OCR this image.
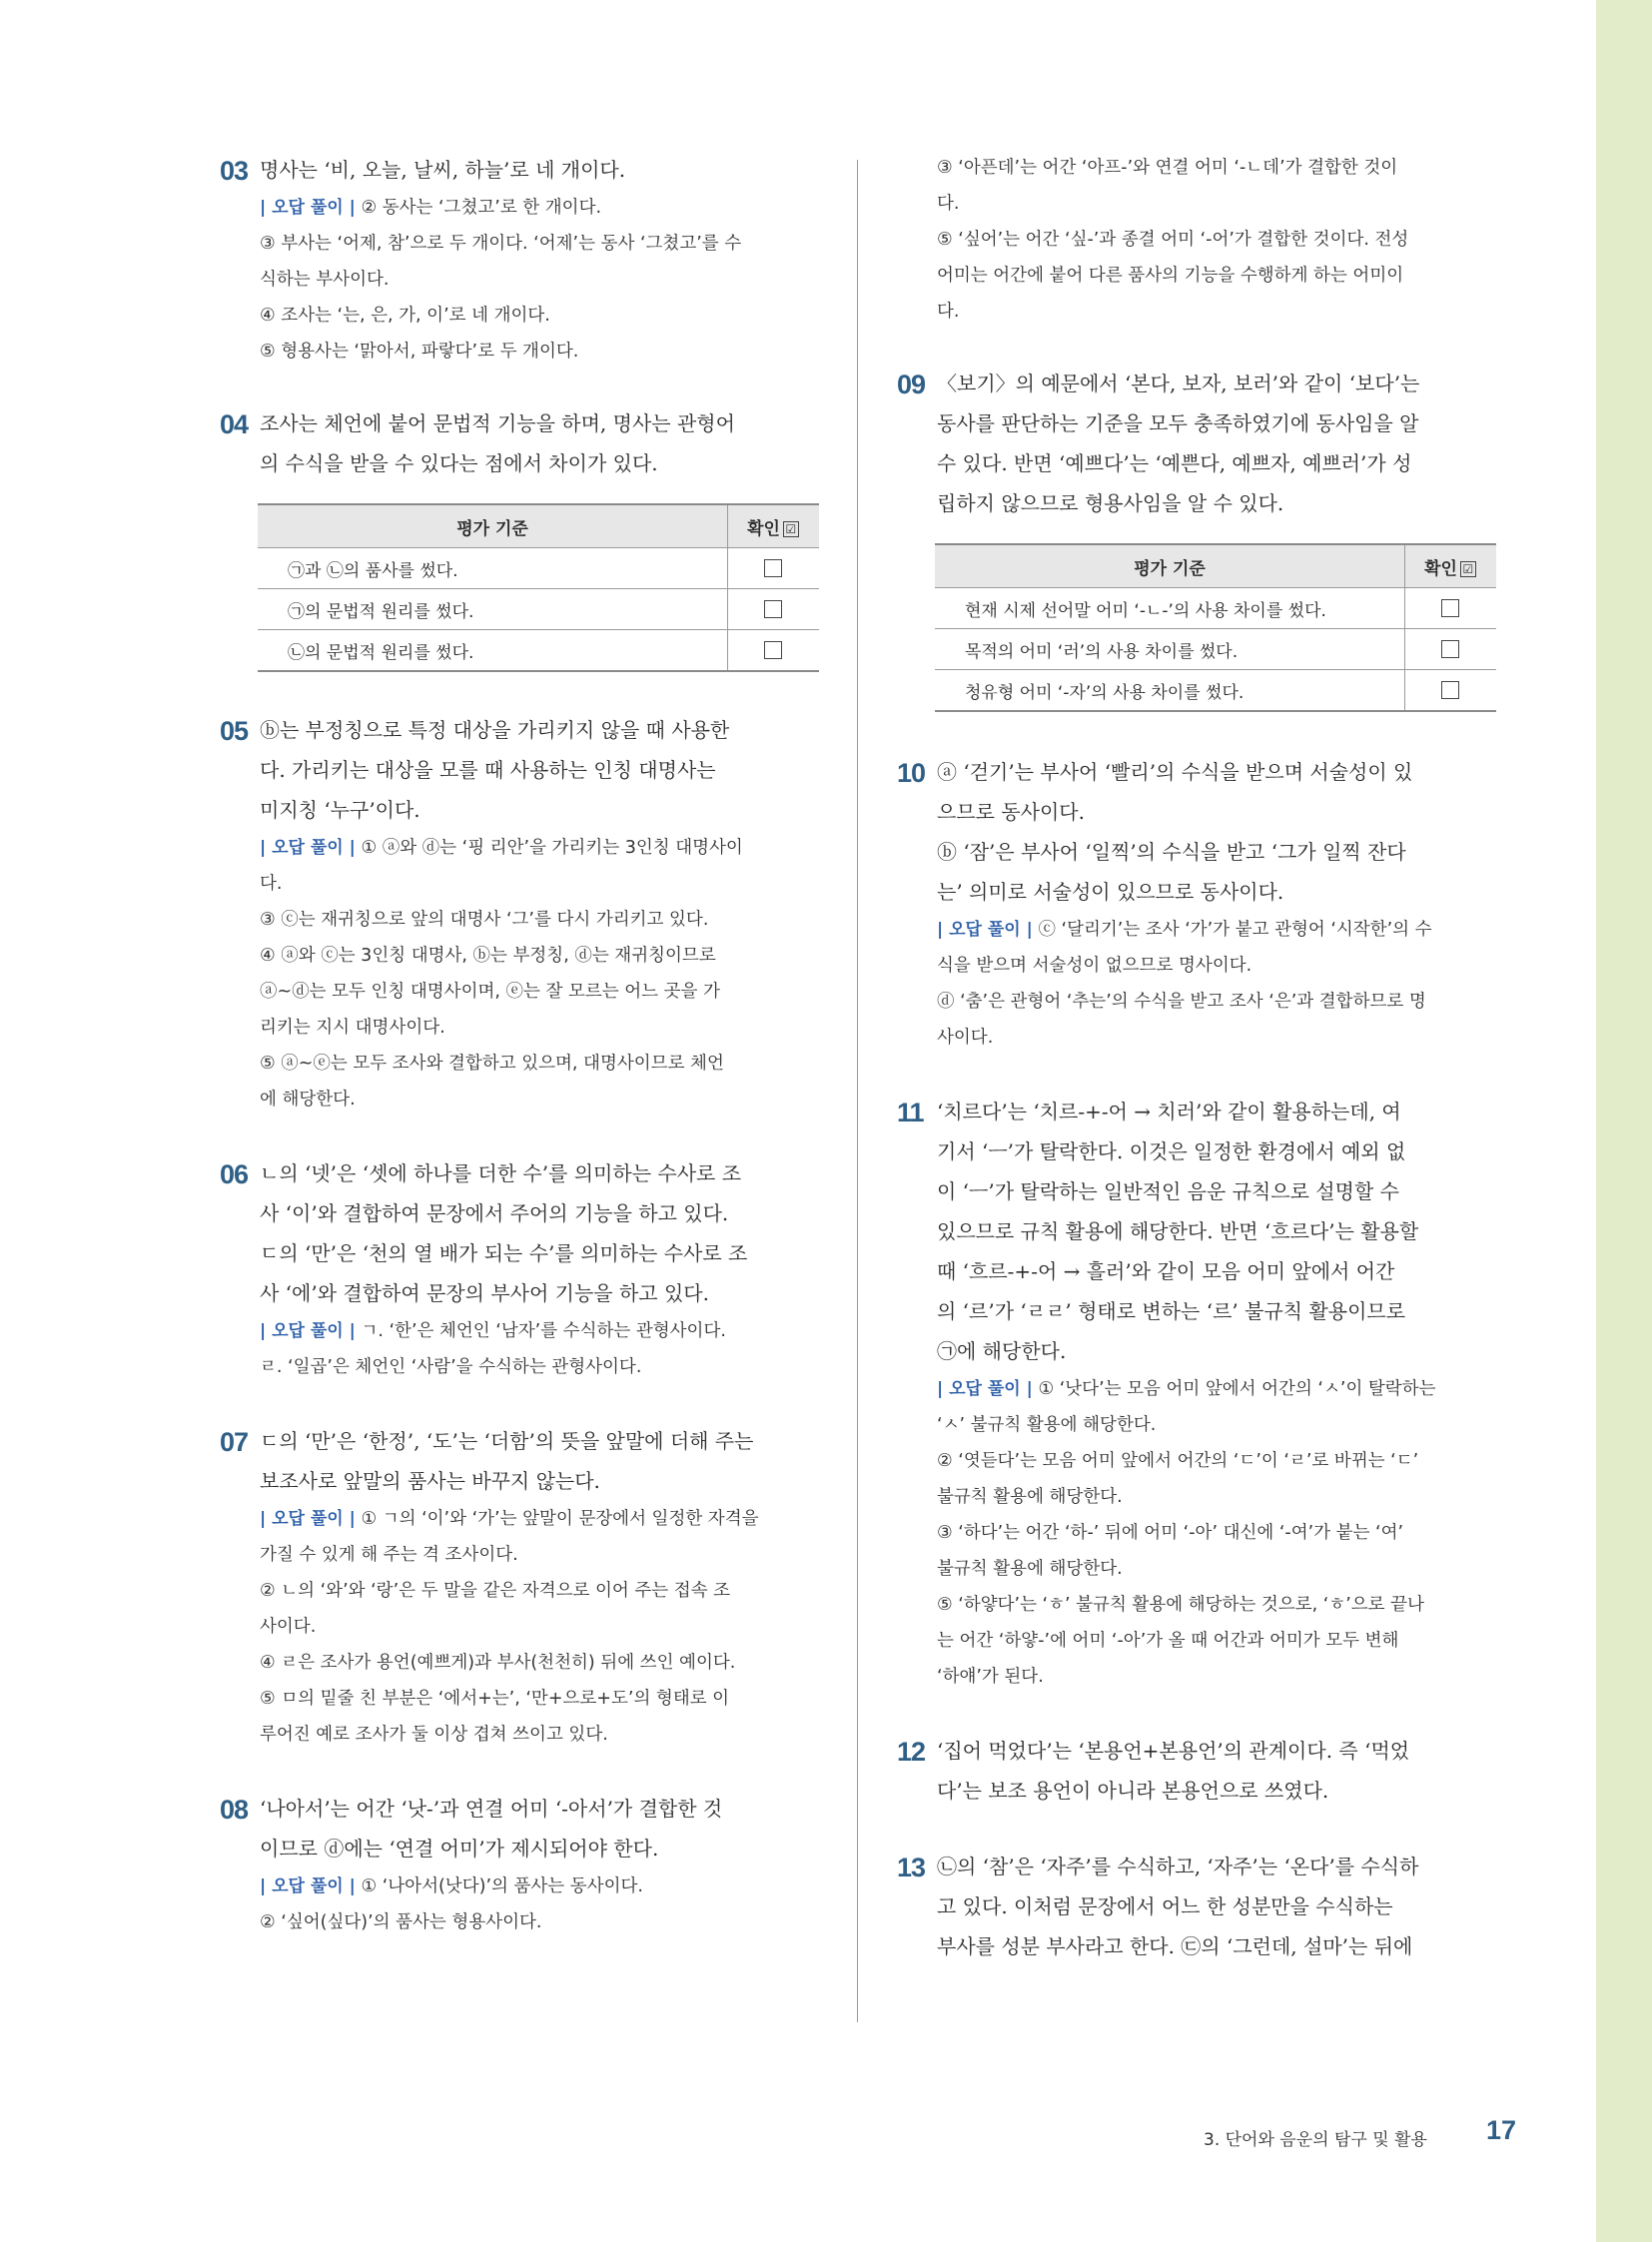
03 명사는 ‘비, 오늘, 날씨, 하늘’로 네 개이다.
| 오답 풀이 | ② 동사는 ‘그쳤고’로 한 개이다.
③ 부사는 ‘어제, 참’으로 두 개이다. ‘어제’는 동사 ‘그쳤고’를 수
식하는 부사이다.
④ 조사는 ‘는, 은, 가, 이’로 네 개이다.
⑤ 형용사는 ‘맑아서, 파랗다’로 두 개이다.
04 조사는 체언에 붙어 문법적 기능을 하며, 명사는 관형어
의 수식을 받을 수 있다는 점에서 차이가 있다.
평가 기준	확인 ☑
㉠과 ㉡의 품사를 썼다.	
㉠의 문법적 원리를 썼다.	
㉡의 문법적 원리를 썼다.	
05 ⓑ는 부정칭으로 특정 대상을 가리키지 않을 때 사용한
다. 가리키는 대상을 모를 때 사용하는 인칭 대명사는
미지칭 ‘누구’이다.
| 오답 풀이 | ① ⓐ와 ⓓ는 ‘핑 리안’을 가리키는 3인칭 대명사이
다.
③ ⓒ는 재귀칭으로 앞의 대명사 ‘그’를 다시 가리키고 있다.
④ ⓐ와 ⓒ는 3인칭 대명사, ⓑ는 부정칭, ⓓ는 재귀칭이므로
ⓐ~ⓓ는 모두 인칭 대명사이며, ⓔ는 잘 모르는 어느 곳을 가
리키는 지시 대명사이다.
⑤ ⓐ~ⓔ는 모두 조사와 결합하고 있으며, 대명사이므로 체언
에 해당한다.
06 ㄴ의 ‘넷’은 ‘셋에 하나를 더한 수’를 의미하는 수사로 조
사 ‘이’와 결합하여 문장에서 주어의 기능을 하고 있다.
ㄷ의 ‘만’은 ‘천의 열 배가 되는 수’를 의미하는 수사로 조
사 ‘에’와 결합하여 문장의 부사어 기능을 하고 있다.
| 오답 풀이 | ㄱ. ‘한’은 체언인 ‘남자’를 수식하는 관형사이다.
ㄹ. ‘일곱’은 체언인 ‘사람’을 수식하는 관형사이다.
07 ㄷ의 ‘만’은 ‘한정’, ‘도’는 ‘더함’의 뜻을 앞말에 더해 주는
보조사로 앞말의 품사는 바꾸지 않는다.
| 오답 풀이 | ① ㄱ의 ‘이’와 ‘가’는 앞말이 문장에서 일정한 자격을
가질 수 있게 해 주는 격 조사이다.
② ㄴ의 ‘와’와 ‘랑’은 두 말을 같은 자격으로 이어 주는 접속 조
사이다.
④ ㄹ은 조사가 용언(예쁘게)과 부사(천천히) 뒤에 쓰인 예이다.
⑤ ㅁ의 밑줄 친 부분은 ‘에서+는’, ‘만+으로+도’의 형태로 이
루어진 예로 조사가 둘 이상 겹쳐 쓰이고 있다.
08 ‘나아서’는 어간 ‘낫-’과 연결 어미 ‘-아서’가 결합한 것
이므로 ⓓ에는 ‘연결 어미’가 제시되어야 한다.
| 오답 풀이 | ① ‘나아서(낫다)’의 품사는 동사이다.
② ‘싶어(싶다)’의 품사는 형용사이다.
③ ‘아픈데’는 어간 ‘아프-’와 연결 어미 ‘-ㄴ데’가 결합한 것이
다.
⑤ ‘싶어’는 어간 ‘싶-’과 종결 어미 ‘-어’가 결합한 것이다. 전성
어미는 어간에 붙어 다른 품사의 기능을 수행하게 하는 어미이
다.
09 〈보기〉의 예문에서 ‘본다, 보자, 보러’와 같이 ‘보다’는
동사를 판단하는 기준을 모두 충족하였기에 동사임을 알
수 있다. 반면 ‘예쁘다’는 ‘예쁜다, 예쁘자, 예쁘러’가 성
립하지 않으므로 형용사임을 알 수 있다.
평가 기준	확인 ☑
현재 시제 선어말 어미 ‘-ㄴ-’의 사용 차이를 썼다.	
목적의 어미 ‘러’의 사용 차이를 썼다.	
청유형 어미 ‘-자’의 사용 차이를 썼다.	
10 ⓐ ‘걷기’는 부사어 ‘빨리’의 수식을 받으며 서술성이 있
으므로 동사이다.
ⓑ ‘잠’은 부사어 ‘일찍’의 수식을 받고 ‘그가 일찍 잔다
는’ 의미로 서술성이 있으므로 동사이다.
| 오답 풀이 | ⓒ ‘달리기’는 조사 ‘가’가 붙고 관형어 ‘시작한’의 수
식을 받으며 서술성이 없으므로 명사이다.
ⓓ ‘춤’은 관형어 ‘추는’의 수식을 받고 조사 ‘은’과 결합하므로 명
사이다.
11 ‘치르다’는 ‘치르-+-어 → 치러’와 같이 활용하는데, 여
기서 ‘ㅡ’가 탈락한다. 이것은 일정한 환경에서 예외 없
이 ‘ㅡ’가 탈락하는 일반적인 음운 규칙으로 설명할 수
있으므로 규칙 활용에 해당한다. 반면 ‘흐르다’는 활용할
때 ‘흐르-+-어 → 흘러’와 같이 모음 어미 앞에서 어간
의 ‘르’가 ‘ㄹㄹ’ 형태로 변하는 ‘르’ 불규칙 활용이므로
㉠에 해당한다.
| 오답 풀이 | ① ‘낫다’는 모음 어미 앞에서 어간의 ‘ㅅ’이 탈락하는
‘ㅅ’ 불규칙 활용에 해당한다.
② ‘엿듣다’는 모음 어미 앞에서 어간의 ‘ㄷ’이 ‘ㄹ’로 바뀌는 ‘ㄷ’
불규칙 활용에 해당한다.
③ ‘하다’는 어간 ‘하-’ 뒤에 어미 ‘-아’ 대신에 ‘-여’가 붙는 ‘여’
불규칙 활용에 해당한다.
⑤ ‘하얗다’는 ‘ㅎ’ 불규칙 활용에 해당하는 것으로, ‘ㅎ’으로 끝나
는 어간 ‘하얗-’에 어미 ‘-아’가 올 때 어간과 어미가 모두 변해
‘하얘’가 된다.
12 ‘집어 먹었다’는 ‘본용언+본용언’의 관계이다. 즉 ‘먹었
다’는 보조 용언이 아니라 본용언으로 쓰였다.
13 ㉡의 ‘참’은 ‘자주’를 수식하고, ‘자주’는 ‘온다’를 수식하
고 있다. 이처럼 문장에서 어느 한 성분만을 수식하는
부사를 성분 부사라고 한다. ㉢의 ‘그런데, 설마’는 뒤에
3. 단어와 음운의 탐구 및 활용 17
